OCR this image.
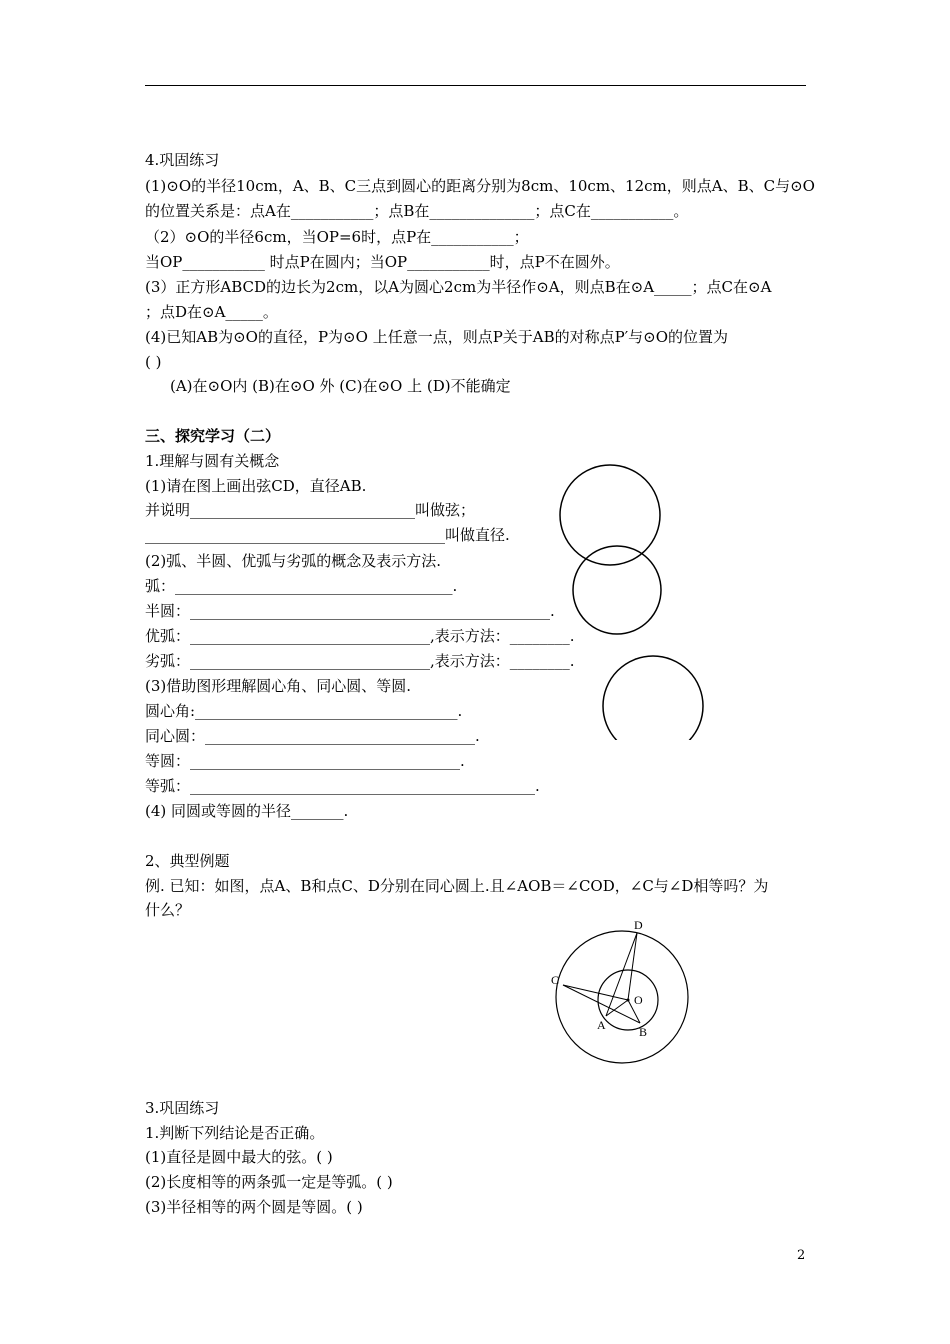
4.巩固练习
(1)⊙O的半径10cm，A、B、C三点到圆心的距离分别为8cm、10cm、12cm，则点A、B、C与⊙O
的位置关系是：点A在___________；点B在______________；点C在___________。
（2）⊙O的半径6cm，当OP=6时，点P在___________；
当OP___________ 时点P在圆内；当OP___________时，点P不在圆外。
(3）正方形ABCD的边长为2cm，以A为圆心2cm为半径作⊙A，则点B在⊙A_____；点C在⊙A
；点D在⊙A_____。
(4)已知AB为⊙O的直径，P为⊙O 上任意一点，则点P关于AB的对称点P′与⊙O的位置为
( )
(A)在⊙O内 (B)在⊙O 外 (C)在⊙O 上 (D)不能确定
三、探究学习（二）
1.理解与圆有关概念
(1)请在图上画出弦CD，直径AB.
并说明______________________________叫做弦；
________________________________________叫做直径.
(2)弧、半圆、优弧与劣弧的概念及表示方法.
弧：_____________________________________.
半圆：________________________________________________.
优弧：________________________________,表示方法：________.
劣弧：________________________________,表示方法：________.
(3)借助图形理解圆心角、同心圆、等圆.
圆心角:___________________________________.
同心圆：____________________________________.
等圆：____________________________________.
等弧：______________________________________________.
(4) 同圆或等圆的半径_______.
2、典型例题
例. 已知：如图，点A、B和点C、D分别在同心圆上.且∠AOB＝∠COD，∠C与∠D相等吗？为
什么？
3.巩固练习
1.判断下列结论是否正确。
(1)直径是圆中最大的弦。( )
(2)长度相等的两条弧一定是等弧。( )
(3)半径相等的两个圆是等圆。( )
D
C
O
A	B
2
